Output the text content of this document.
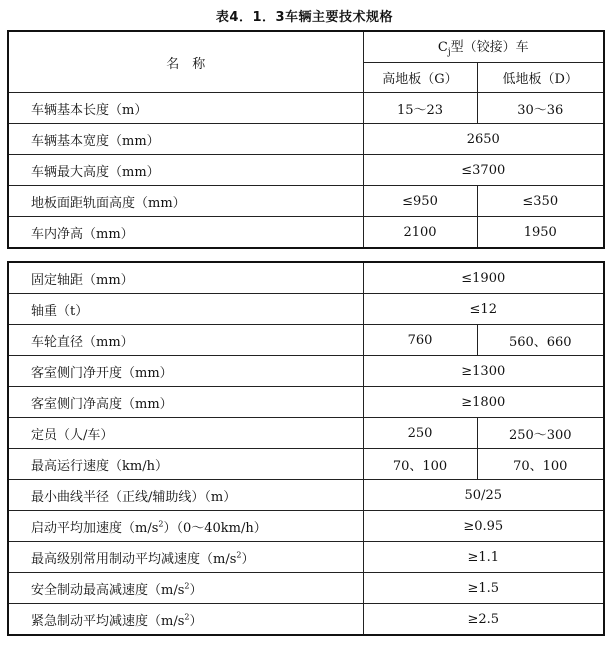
表4．1．3车辆主要技术规格
名　称	$C_j$型（铰接）车	
	高地板（G）	低地板（D）
车辆基本长度（m）	15～23	30～36
车辆基本宽度（mm）	2650	
车辆最大高度（mm）	≤3700	
地板面距轨面高度（mm）	≤950	≤350
车内净高（mm）	2100	1950
固定轴距（mm）	≤1900	
轴重（t）	≤12	
车轮直径（mm）	760	560、660
客室侧门净开度（mm）	≥1300	
客室侧门净高度（mm）	≥1800	
定员（人/车）	250	250～300
最高运行速度（km/h）	70、100	70、100
最小曲线半径（正线/辅助线）（m）	50/25	
启动平均加速度$(m/s^2)(0\sim 40km/h)$	≥0.95	
最高级别常用制动平均减速度$(m/s^2)$	≥1.1	
安全制动最高减速度$(m/s^2)$	≥1.5	
紧急制动平均减速度$(m/s^2)$	≥2.5	
